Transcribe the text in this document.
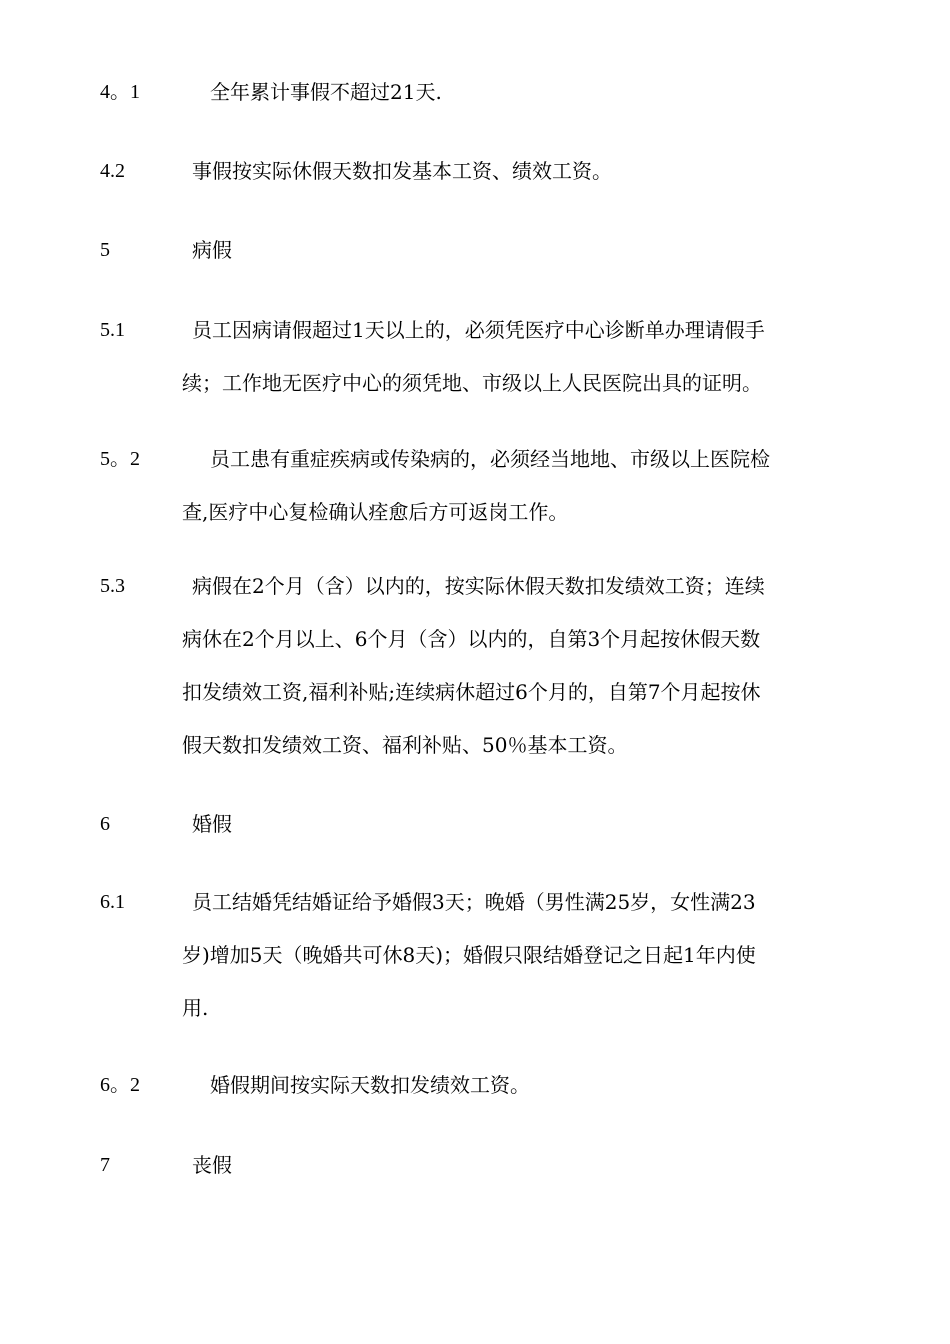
4。1	全年累计事假不超过21天.
4.2	事假按实际休假天数扣发基本工资、绩效工资。
5	病假
5.1	员工因病请假超过1天以上的，必须凭医疗中心诊断单办理请假手
续；工作地无医疗中心的须凭地、市级以上人民医院出具的证明。
5。2	员工患有重症疾病或传染病的，必须经当地地、市级以上医院检
查,医疗中心复检确认痊愈后方可返岗工作。
5.3	病假在2个月（含）以内的，按实际休假天数扣发绩效工资；连续
病休在2个月以上、6个月（含）以内的，自第3个月起按休假天数
扣发绩效工资,福利补贴;连续病休超过6个月的，自第7个月起按休
假天数扣发绩效工资、福利补贴、50％基本工资。
6	婚假
6.1	员工结婚凭结婚证给予婚假3天；晚婚（男性满25岁，女性满23
岁)增加5天（晚婚共可休8天)；婚假只限结婚登记之日起1年内使
用.
6。2	婚假期间按实际天数扣发绩效工资。
7	丧假
